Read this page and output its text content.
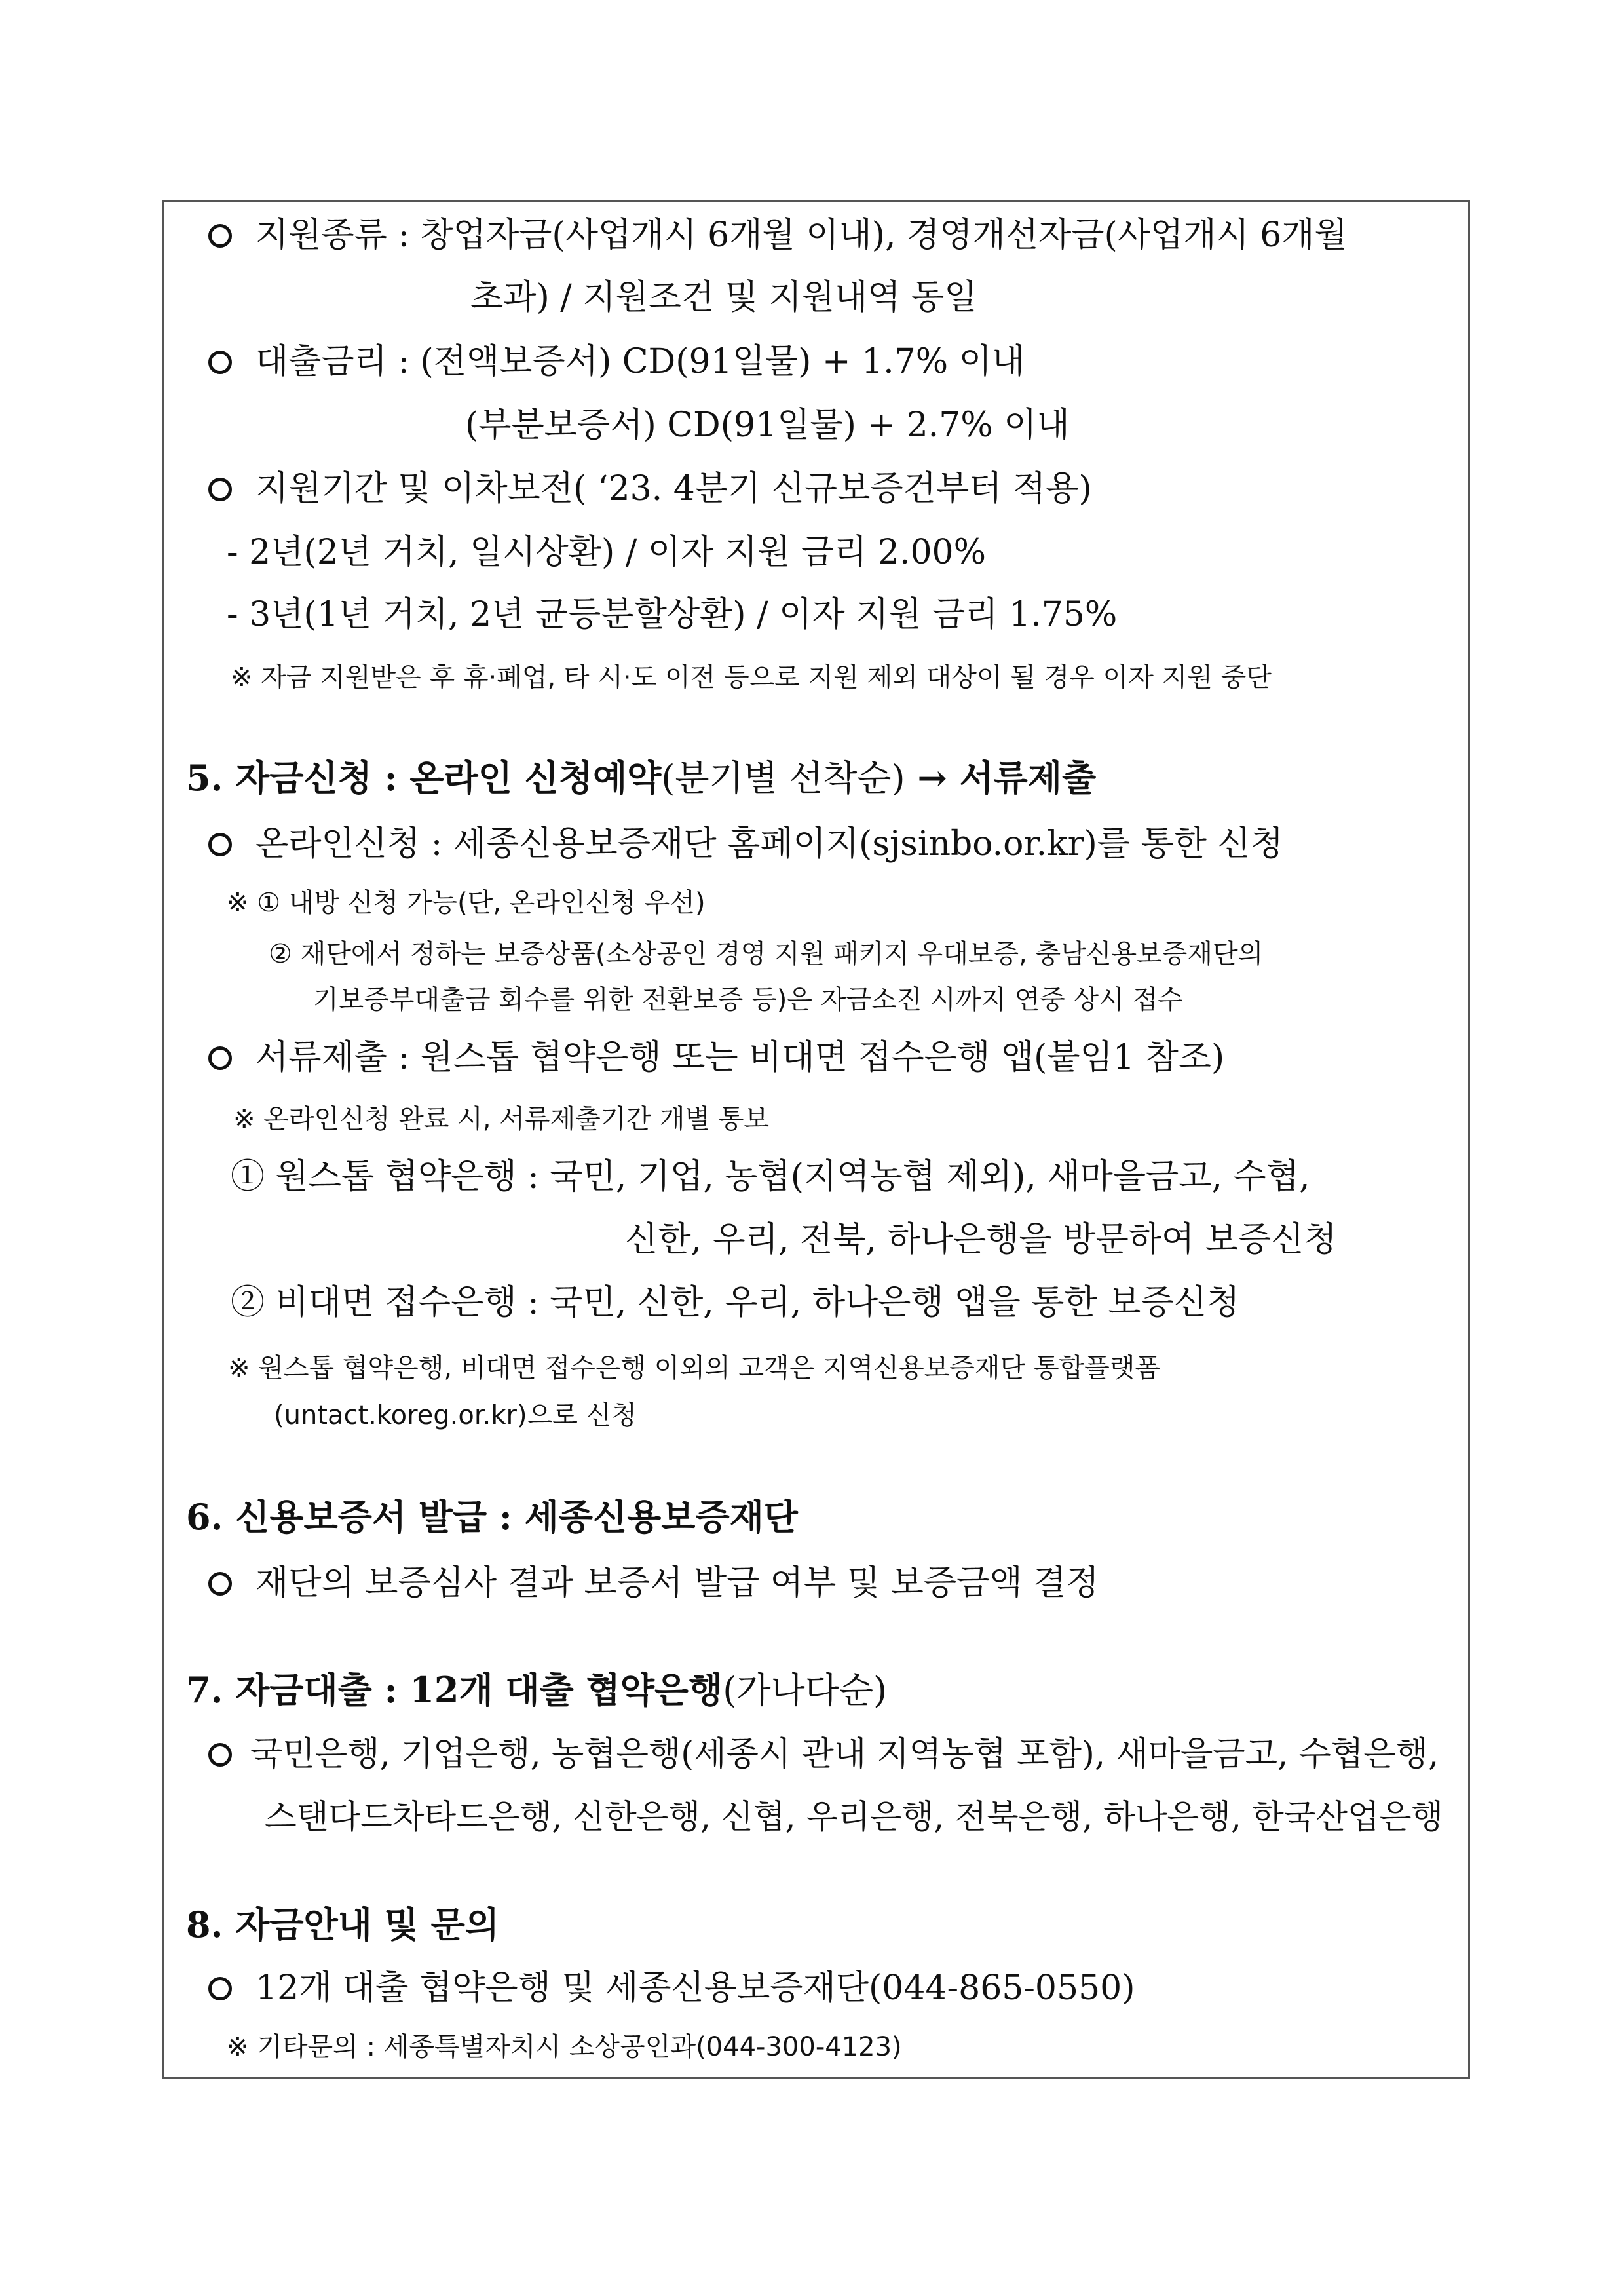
지원종류 : 창업자금(사업개시 6개월 이내), 경영개선자금(사업개시 6개월
초과) / 지원조건 및 지원내역 동일
대출금리 : (전액보증서) CD(91일물) + 1.7% 이내
(부분보증서) CD(91일물) + 2.7% 이내
지원기간 및 이차보전( ‘23. 4분기 신규보증건부터 적용)
- 2년(2년 거치, 일시상환) / 이자 지원 금리 2.00%
- 3년(1년 거치, 2년 균등분할상환) / 이자 지원 금리 1.75%
※ 자금 지원받은 후 휴·폐업, 타 시·도 이전 등으로 지원 제외 대상이 될 경우 이자 지원 중단
5. 자금신청 : 온라인 신청예약(분기별 선착순) → 서류제출
온라인신청 : 세종신용보증재단 홈페이지(sjsinbo.or.kr)를 통한 신청
※ ① 내방 신청 가능(단, 온라인신청 우선)
② 재단에서 정하는 보증상품(소상공인 경영 지원 패키지 우대보증, 충남신용보증재단의
기보증부대출금 회수를 위한 전환보증 등)은 자금소진 시까지 연중 상시 접수
서류제출 : 원스톱 협약은행 또는 비대면 접수은행 앱(붙임1 참조)
※ 온라인신청 완료 시, 서류제출기간 개별 통보
① 원스톱 협약은행 : 국민, 기업, 농협(지역농협 제외), 새마을금고, 수협,
신한, 우리, 전북, 하나은행을 방문하여 보증신청
② 비대면 접수은행 : 국민, 신한, 우리, 하나은행 앱을 통한 보증신청
※ 원스톱 협약은행, 비대면 접수은행 이외의 고객은 지역신용보증재단 통합플랫폼
(untact.koreg.or.kr)으로 신청
6. 신용보증서 발급 : 세종신용보증재단
재단의 보증심사 결과 보증서 발급 여부 및 보증금액 결정
7. 자금대출 : 12개 대출 협약은행(가나다순)
국민은행, 기업은행, 농협은행(세종시 관내 지역농협 포함), 새마을금고, 수협은행,
스탠다드차타드은행, 신한은행, 신협, 우리은행, 전북은행, 하나은행, 한국산업은행
8. 자금안내 및 문의
12개 대출 협약은행 및 세종신용보증재단(044-865-0550)
※ 기타문의 : 세종특별자치시 소상공인과(044-300-4123)
